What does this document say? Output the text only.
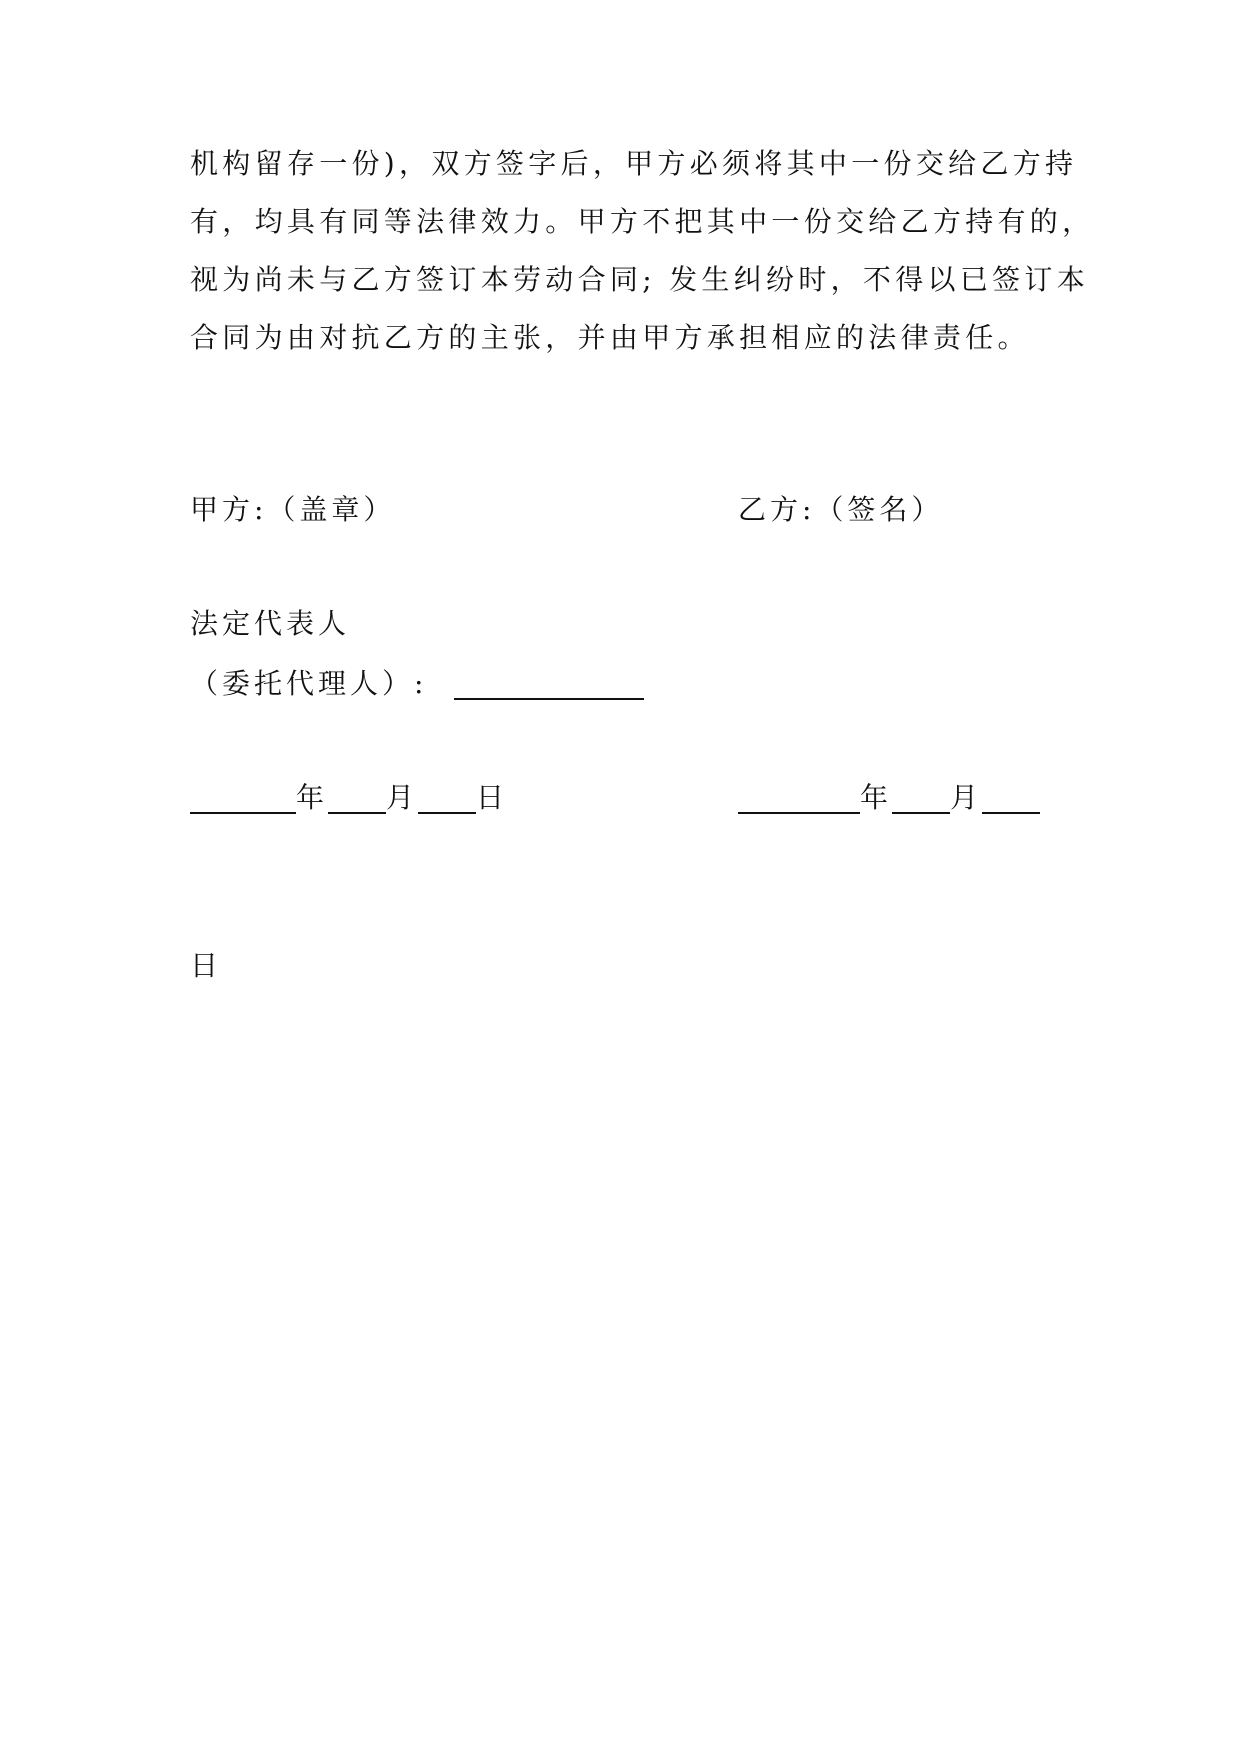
机构留存一份)，双方签字后，甲方必须将其中一份交给乙方持
有，均具有同等法律效力。甲方不把其中一份交给乙方持有的，
视为尚未与乙方签订本劳动合同; 发生纠纷时，不得以已签订本
合同为由对抗乙方的主张，并由甲方承担相应的法律责任。
甲方:（盖章）	乙方:（签名）
法定代表人
（委托代理人）:
年 月 日	年 月
日
